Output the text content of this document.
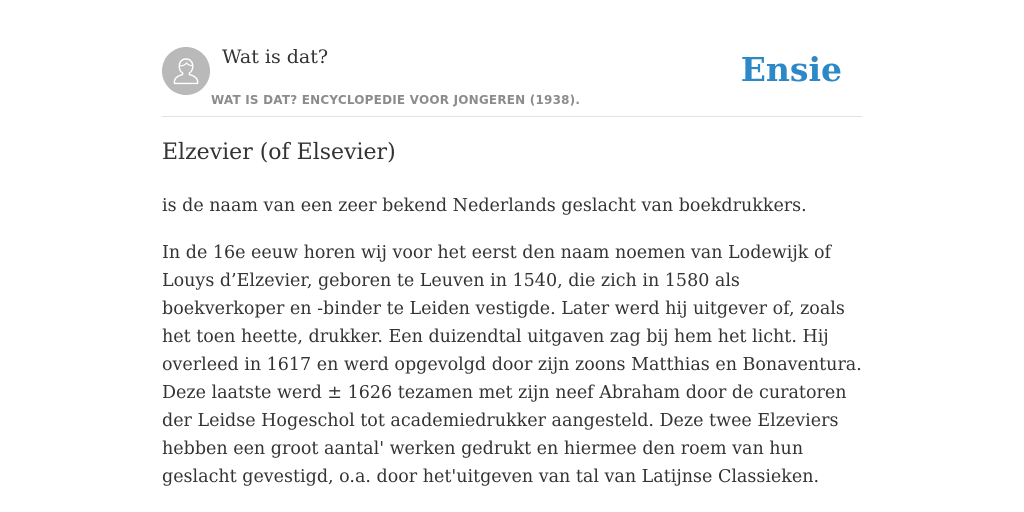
Wat is dat?
WAT IS DAT? ENCYCLOPEDIE VOOR JONGEREN (1938).
Ensie
Elzevier (of Elsevier)

is de naam van een zeer bekend Nederlands geslacht van boekdrukkers.

In de 16e eeuw horen wij voor het eerst den naam noemen van Lodewijk of Louys d’Elzevier, geboren te Leuven in 1540, die zich in 1580 als boekverkoper en -binder te Leiden vestigde. Later werd hij uitgever of, zoals het toen heette, drukker. Een duizendtal uitgaven zag bij hem het licht. Hij overleed in 1617 en werd opgevolgd door zijn zoons Matthias en Bonaventura. Deze laatste werd ± 1626 tezamen met zijn neef Abraham door de curatoren der Leidse Hogeschol tot academiedrukker aangesteld. Deze twee Elzeviers hebben een groot aantal' werken gedrukt en hiermee den roem van hun geslacht gevestigd, o.a. door het'uitgeven van tal van Latijnse Classieken.
